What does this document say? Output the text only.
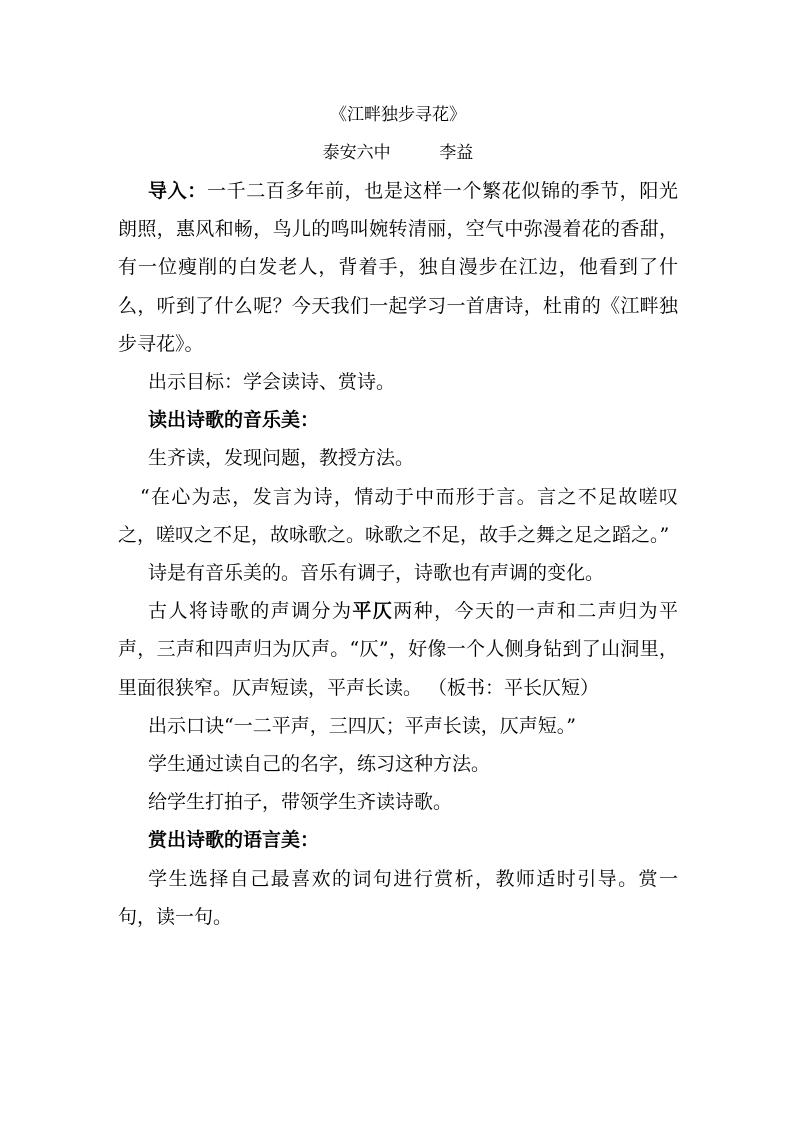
《江畔独步寻花》
泰安六中	李益

导入：一千二百多年前，也是这样一个繁花似锦的季节，阳光朗照，惠风和畅，鸟儿的鸣叫婉转清丽，空气中弥漫着花的香甜，有一位瘦削的白发老人，背着手，独自漫步在江边，他看到了什么，听到了什么呢？今天我们一起学习一首唐诗，杜甫的《江畔独步寻花》。

出示目标：学会读诗、赏诗。

读出诗歌的音乐美：

生齐读，发现问题，教授方法。

“在心为志，发言为诗，情动于中而形于言。言之不足故嗟叹之，嗟叹之不足，故咏歌之。咏歌之不足，故手之舞之足之蹈之。”

诗是有音乐美的。音乐有调子，诗歌也有声调的变化。

古人将诗歌的声调分为平仄两种，今天的一声和二声归为平声，三声和四声归为仄声。“仄”，好像一个人侧身钻到了山洞里，里面很狭窄。仄声短读，平声长读。 （板书：平长仄短）

出示口诀“一二平声，三四仄；平声长读，仄声短。”

学生通过读自己的名字，练习这种方法。

给学生打拍子，带领学生齐读诗歌。

赏出诗歌的语言美：

学生选择自己最喜欢的词句进行赏析，教师适时引导。赏一句，读一句。
